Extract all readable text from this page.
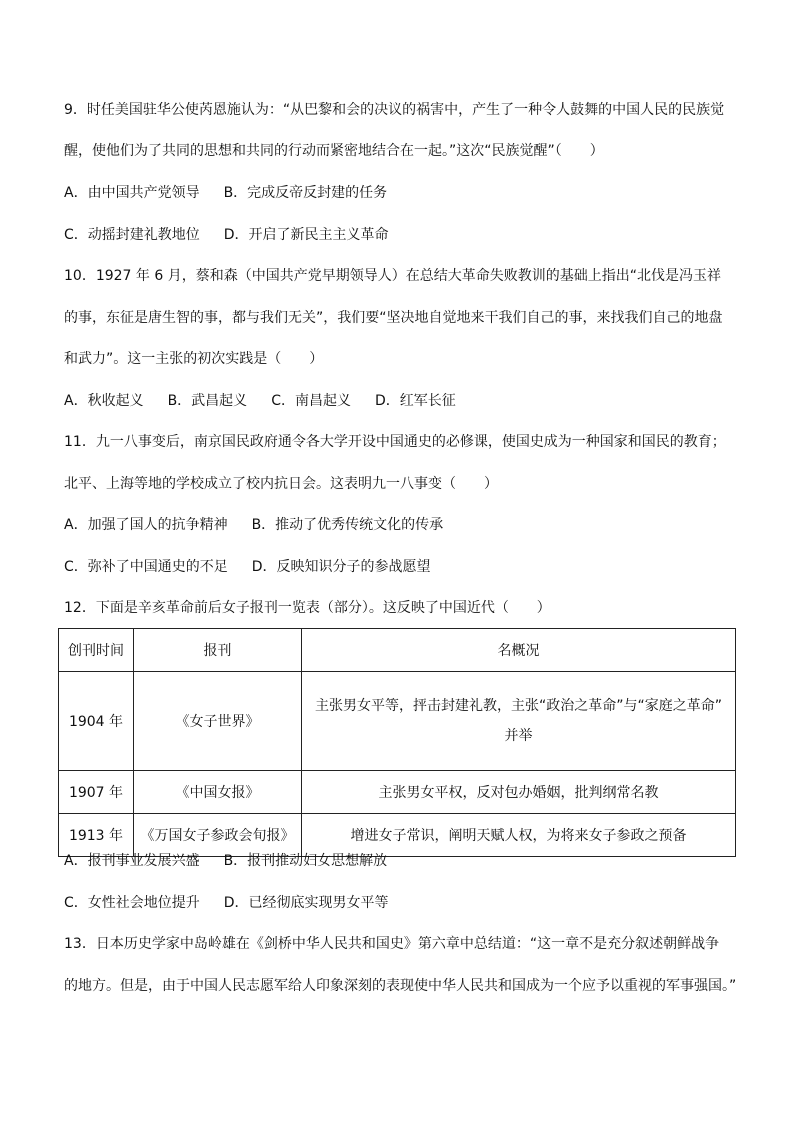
9．时任美国驻华公使芮恩施认为：“从巴黎和会的决议的祸害中，产生了一种令人鼓舞的中国人民的民族觉
醒，使他们为了共同的思想和共同的行动而紧密地结合在一起。”这次“民族觉醒”（　　）
A．由中国共产党领导 B．完成反帝反封建的任务
C．动摇封建礼教地位 D．开启了新民主主义革命
10．1927 年 6 月，蔡和森（中国共产党早期领导人）在总结大革命失败教训的基础上指出“北伐是冯玉祥
的事，东征是唐生智的事，都与我们无关”，我们要“坚决地自觉地来干我们自己的事，来找我们自己的地盘
和武力”。这一主张的初次实践是（　　）
A．秋收起义 B．武昌起义 C．南昌起义 D．红军长征
11．九一八事变后，南京国民政府通令各大学开设中国通史的必修课，使国史成为一种国家和国民的教育；
北平、上海等地的学校成立了校内抗日会。这表明九一八事变（　　）
A．加强了国人的抗争精神 B．推动了优秀传统文化的传承
C．弥补了中国通史的不足 D．反映知识分子的参战愿望
12．下面是辛亥革命前后女子报刊一览表（部分）。这反映了中国近代（　　）
创刊时间	报刊	名概况
1904 年	《女子世界》	主张男女平等，抨击封建礼教，主张“政治之革命”与“家庭之革命”
并举

1907 年	《中国女报》	主张男女平权，反对包办婚姻，批判纲常名教
1913 年	《万国女子参政会旬报》	增进女子常识，阐明天赋人权，为将来女子参政之预备
A．报刊事业发展兴盛 B．报刊推动妇女思想解放
C．女性社会地位提升 D．已经彻底实现男女平等
13．日本历史学家中岛岭雄在《剑桥中华人民共和国史》第六章中总结道：“这一章不是充分叙述朝鲜战争
的地方。但是，由于中国人民志愿军给人印象深刻的表现使中华人民共和国成为一个应予以重视的军事强国。”
